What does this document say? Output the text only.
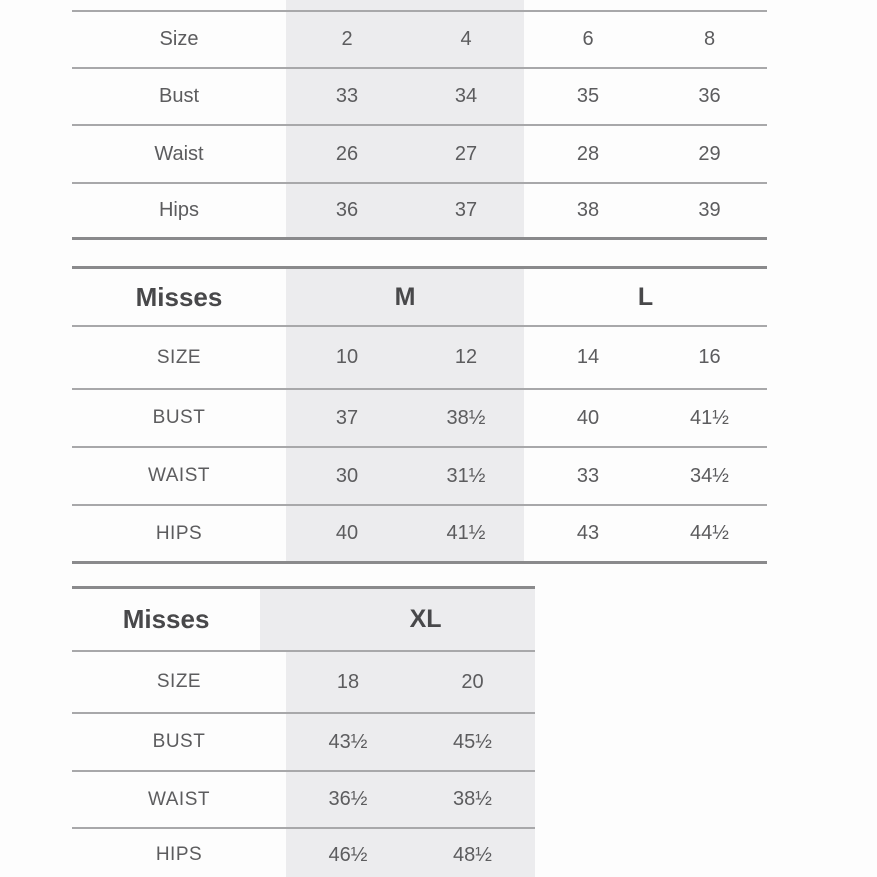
Size	2	4	6	8
Bust	33	34	35	36
Waist	26	27	28	29
Hips	36	37	38	39
Misses	M	L
SIZE	10	12	14	16
BUST	37	38½	40	41½
WAIST	30	31½	33	34½
HIPS	40	41½	43	44½
Misses	XL
SIZE	18	20
BUST	43½	45½
WAIST	36½	38½
HIPS	46½	48½
